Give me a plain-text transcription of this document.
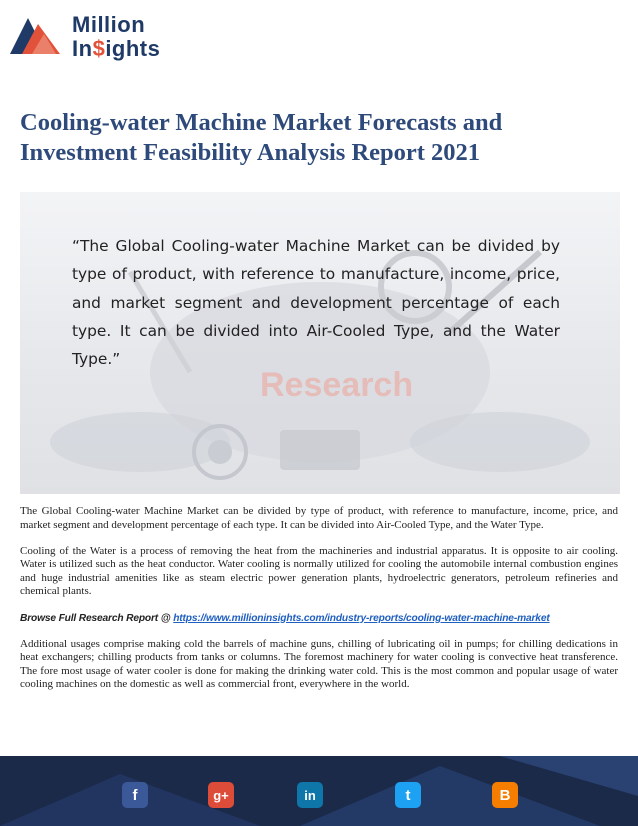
Million
In$ights
Cooling-water Machine Market Forecasts and
Investment Feasibility Analysis Report 2021
Research

“The Global Cooling-water Machine Market can be divided by type of product, with reference to manufacture, income, price, and market segment and development percentage of each type. It can be divided into Air-Cooled Type, and the Water Type.”

The Global Cooling-water Machine Market can be divided by type of product, with reference to manufacture, income, price, and market segment and development percentage of each type. It can be divided into Air-Cooled Type, and the Water Type.

Cooling of the Water is a process of removing the heat from the machineries and industrial apparatus. It is opposite to air cooling. Water is utilized such as the heat conductor. Water cooling is normally utilized for cooling the automobile internal combustion engines and huge industrial amenities like as steam electric power generation plants, hydroelectric generators, petroleum refineries and chemical plants.

Browse Full Research Report @ https://www.millioninsights.com/industry-reports/cooling-water-machine-market

Additional usages comprise making cold the barrels of machine guns, chilling of lubricating oil in pumps; for chilling dedications in heat exchangers; chilling products from tanks or columns. The foremost machinery for water cooling is convective heat transference. The fore most usage of water cooler is done for making the drinking water cold. This is the most common and popular usage of water cooling machines on the domestic as well as commercial front, everywhere in the world.

f	g+	in	t	B
